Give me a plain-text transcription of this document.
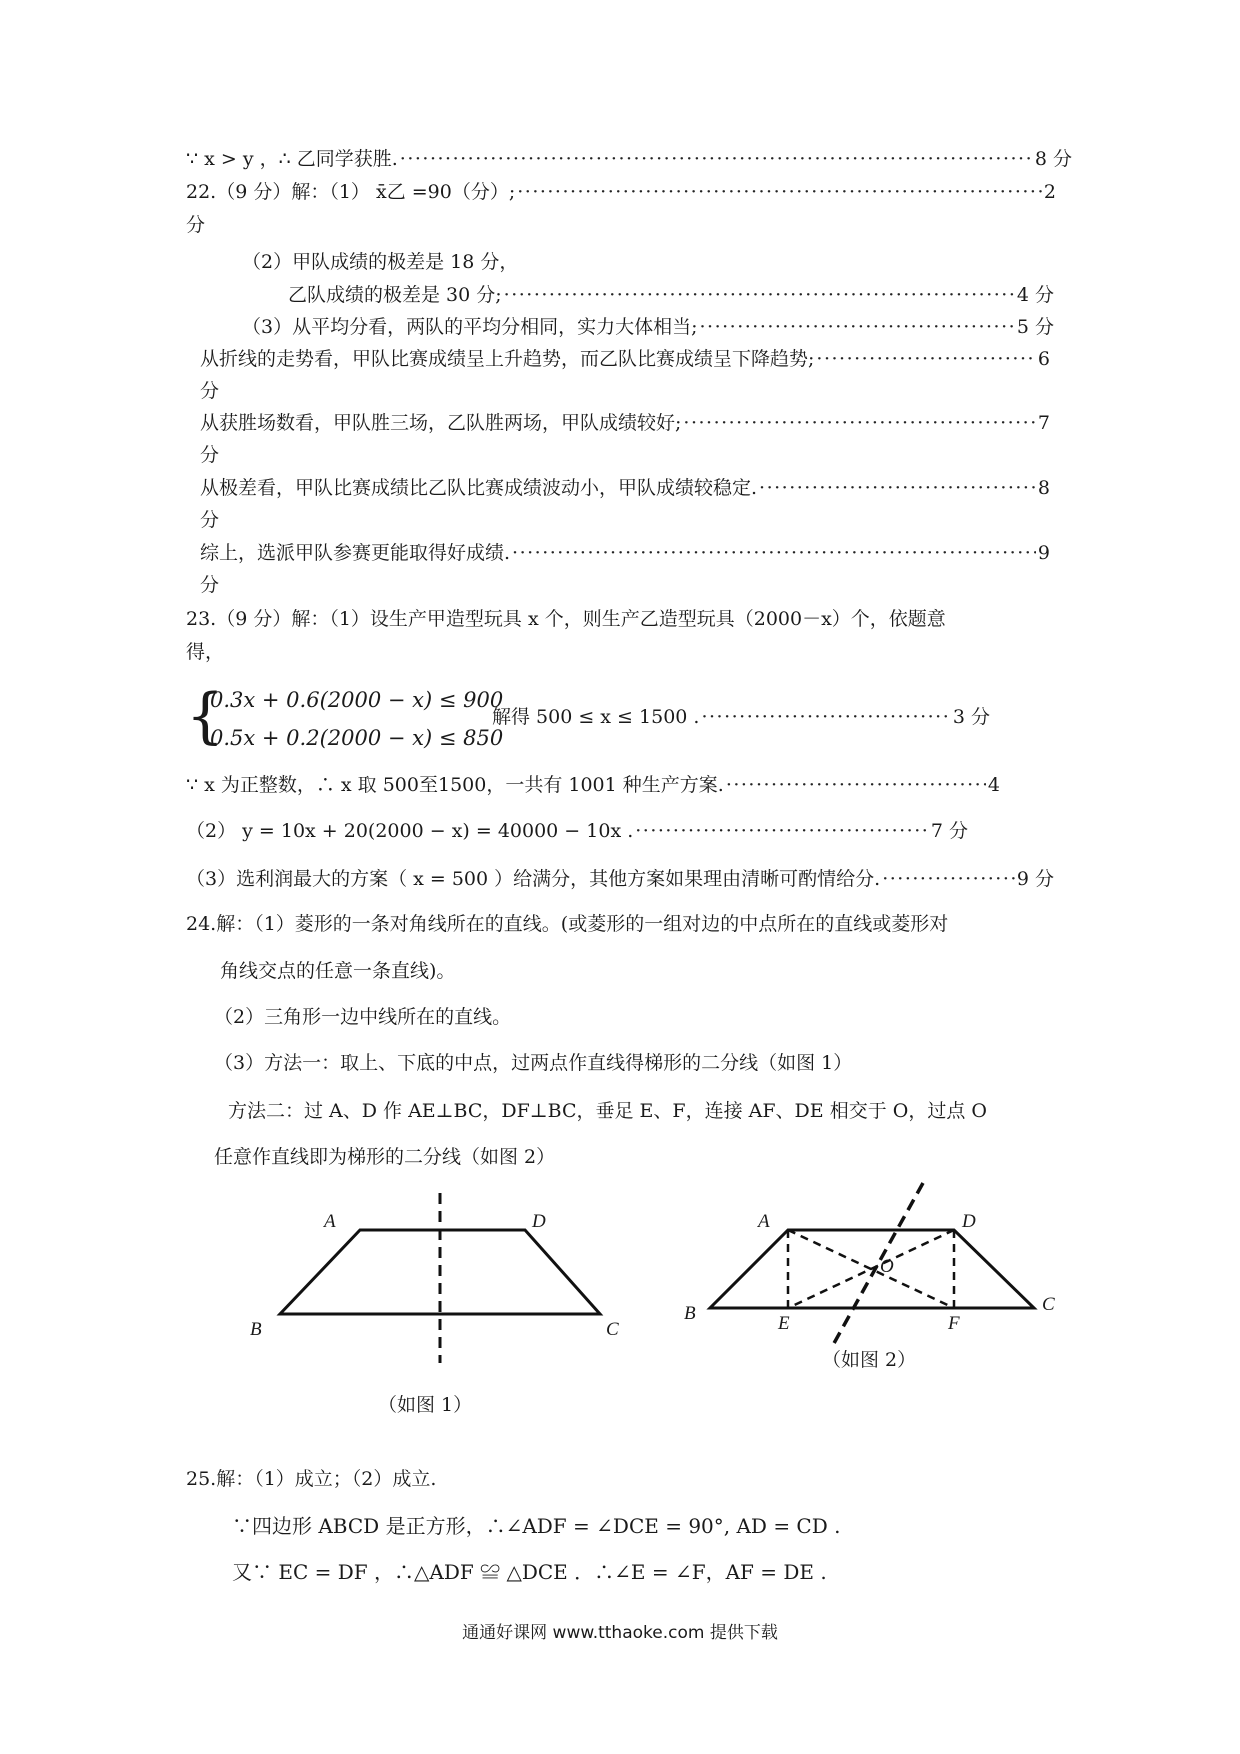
∵ x > y ，∴ 乙同学获胜. ·····	8 分
22.（9 分）解：（1） x̄乙 =90（分）; ·····	2
分
（2）甲队成绩的极差是 18 分，
乙队成绩的极差是 30 分; ·····	4 分
（3）从平均分看，两队的平均分相同，实力大体相当; ·····	5 分
从折线的走势看，甲队比赛成绩呈上升趋势，而乙队比赛成绩呈下降趋势; ·····	6
分
从获胜场数看，甲队胜三场，乙队胜两场，甲队成绩较好; ·····	7
分
从极差看，甲队比赛成绩比乙队比赛成绩波动小，甲队成绩较稳定. ·····	8
分
综上，选派甲队参赛更能取得好成绩. ·····	9
分
23.（9 分）解：（1）设生产甲造型玩具 x 个，则生产乙造型玩具（2000－x）个，依题意
得，
{
0.3x + 0.6(2000 − x) ≤ 900
0.5x + 0.2(2000 − x) ≤ 850
解得 500 ≤ x ≤ 1500 . ·····	3 分
∵ x 为正整数，∴ x 取 500至1500，一共有 1001 种生产方案. ·····	4
（2） y = 10x + 20(2000 − x) = 40000 − 10x . ·····	7 分
（3）选利润最大的方案（ x = 500 ）给满分，其他方案如果理由清晰可酌情给分. ·····	9 分
24.解：（1）菱形的一条对角线所在的直线。(或菱形的一组对边的中点所在的直线或菱形对
角线交点的任意一条直线)。
（2）三角形一边中线所在的直线。
（3）方法一：取上、下底的中点，过两点作直线得梯形的二分线（如图 1）
方法二：过 A、D 作 AE⊥BC，DF⊥BC，垂足 E、F，连接 AF、DE 相交于 O，过点 O
任意作直线即为梯形的二分线（如图 2）
A	D
B	C
（如图 1）
A	D
B	C
E	F
O
（如图 2）
25.解：（1）成立；（2）成立.
∵四边形 ABCD 是正方形，∴∠ADF = ∠DCE = 90°, AD = CD .
又∵ EC = DF ，∴△ADF ≌ △DCE ．∴∠E = ∠F，AF = DE .
通通好课网 www.tthaoke.com 提供下载
